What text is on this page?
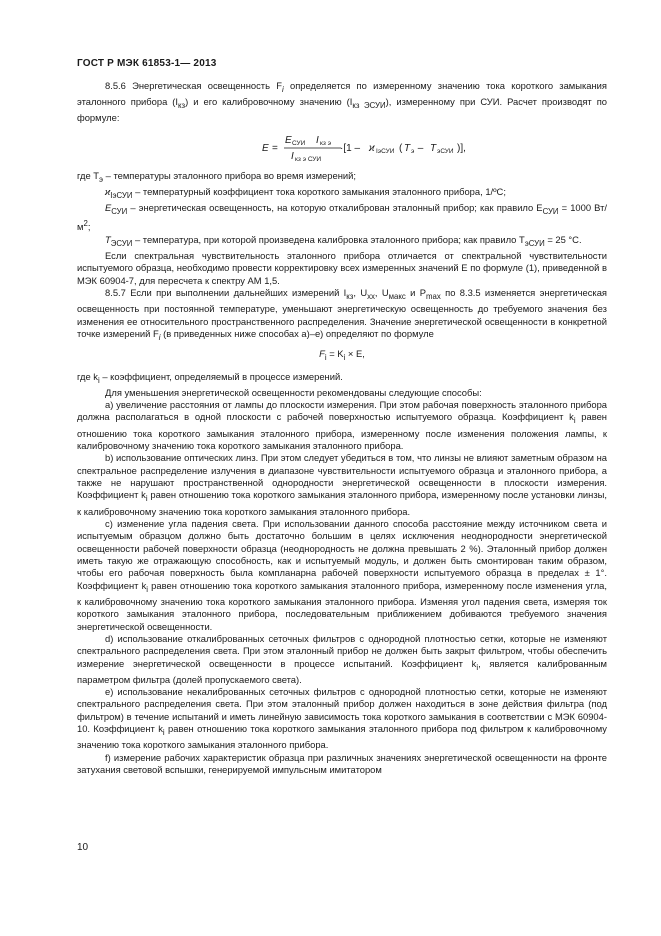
ГОСТ Р МЭК 61853-1— 2013

8.5.6 Энергетическая освещенность $F_i$ определяется по измеренному значению тока короткого замыкания эталонного прибора $(I_{кз})$ и его калибровочному значению $(I_{кз ЭСУИ})$, измеренному при СУИ. Расчет производят по формуле:

E =
E СУИ I кз э
I кз э СУИ
·[1 – ϰ IэСУИ ( T э – T эСУИ )],

где $T_э$ – температуры эталонного прибора во время измерений;

$ϰ_{IэСУИ}$ – температурный коэффициент тока короткого замыкания эталонного прибора, 1/ºС;

$E_{СУИ}$ – энергетическая освещенность, на которую откалиброван эталонный прибор; как правило $E_{СУИ} = 1000$ $Вт/м^2$;

$T_{ЭСУИ}$ – температура, при которой произведена калибровка эталонного прибора; как правило $T_{эСУИ} = 25$ °С.

Если спектральная чувствительность эталонного прибора отличается от спектральной чувствительности испытуемого образца, необходимо провести корректировку всех измеренных значений E по формуле (1), приведенной в МЭК 60904-7, для пересчета к спектру АМ 1,5.

8.5.7 Если при выполнении дальнейших измерений $I_{кз}$, $U_{хх}$, $U_{макс}$ и $P_{max}$ по 8.3.5 изменяется энергетическая освещенность при постоянной температуре, уменьшают энергетическую освещенность до требуемого значения без изменения ее относительного пространственного распределения. Значение энергетической освещенности в конкретной точке измерений $F_i$ (в приведенных ниже способах а)–е) определяют по формуле

$F_i = K_i \times E$,

где $k_i$ – коэффициент, определяемый в процессе измерений.

Для уменьшения энергетической освещенности рекомендованы следующие способы:

а) увеличение расстояния от лампы до плоскости измерения. При этом рабочая поверхность эталонного прибора должна располагаться в одной плоскости с рабочей поверхностью испытуемого образца. Коэффициент $k_i$ равен отношению тока короткого замыкания эталонного прибора, измеренному после изменения положения лампы, к калибровочному значению тока короткого замыкания эталонного прибора.

b) использование оптических линз. При этом следует убедиться в том, что линзы не влияют заметным образом на спектральное распределение излучения в диапазоне чувствительности испытуемого образца и эталонного прибора, а также не нарушают пространственной однородности энергетической освещенности в плоскости измерения. Коэффициент $k_i$ равен отношению тока короткого замыкания эталонного прибора, измеренному после установки линзы, к калибровочному значению тока короткого замыкания эталонного прибора.

с) изменение угла падения света. При использовании данного способа расстояние между источником света и испытуемым образцом должно быть достаточно большим в целях исключения неоднородности энергетической освещенности рабочей поверхности образца (неоднородность не должна превышать 2 %). Эталонный прибор должен иметь такую же отражающую способность, как и испытуемый модуль, и должен быть смонтирован таким образом, чтобы его рабочая поверхность была компланарна рабочей поверхности испытуемого образца в пределах ± 1°. Коэффициент $k_i$ равен отношению тока короткого замыкания эталонного прибора, измеренному после изменения угла, к калибровочному значению тока короткого замыкания эталонного прибора. Изменяя угол падения света, измеряя ток короткого замыкания эталонного прибора, последовательным приближением добиваются требуемого значения энергетической освещенности.

d) использование откалиброванных сеточных фильтров с однородной плотностью сетки, которые не изменяют спектрального распределения света. При этом эталонный прибор не должен быть закрыт фильтром, чтобы обеспечить измерение энергетической освещенности в процессе испытаний. Коэффициент $k_i$, является калиброванным параметром фильтра (долей пропускаемого света).

е) использование некалиброванных сеточных фильтров с однородной плотностью сетки, которые не изменяют спектрального распределения света. При этом эталонный прибор должен находиться в зоне действия фильтра (под фильтром) в течение испытаний и иметь линейную зависимость тока короткого замыкания в соответствии с МЭК 60904-10. Коэффициент $k_i$ равен отношению тока короткого замыкания эталонного прибора под фильтром к калибровочному значению тока короткого замыкания эталонного прибора.

f) измерение рабочих характеристик образца при различных значениях энергетической освещенности на фронте затухания световой вспышки, генерируемой импульсным имитатором

10
